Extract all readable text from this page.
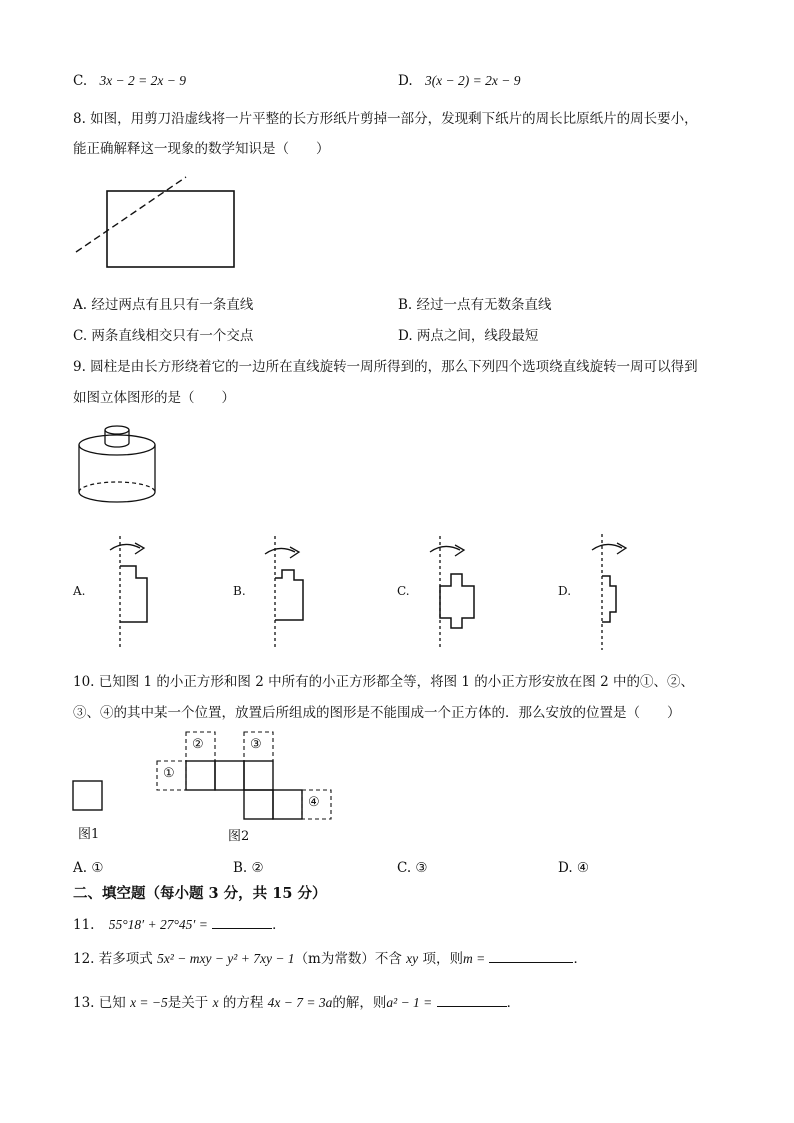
C. 3x − 2 = 2x − 9	D. 3(x − 2) = 2x − 9
8. 如图，用剪刀沿虚线将一片平整的长方形纸片剪掉一部分，发现剩下纸片的周长比原纸片的周长要小，
能正确解释这一现象的数学知识是（　　）
A. 经过两点有且只有一条直线	B. 经过一点有无数条直线
C. 两条直线相交只有一个交点	D. 两点之间，线段最短
9. 圆柱是由长方形绕着它的一边所在直线旋转一周所得到的，那么下列四个选项绕直线旋转一周可以得到
如图立体图形的是（　　）
A.	B.	C.	D.
10. 已知图 1 的小正方形和图 2 中所有的小正方形都全等，将图 1 的小正方形安放在图 2 中的①、②、
③、④的其中某一个位置，放置后所组成的图形是不能围成一个正方体的．那么安放的位置是（　　）
图1
①
②	③
④
图2
A. ①	B. ②	C. ③	D. ④
二、填空题（每小题 3 分，共 15 分）
11. 55°18′ + 27°45′ =	．
12. 若多项式 5x² − mxy − y² + 7xy − 1（m为常数）不含 xy 项，则m =	．
13. 已知 x = −5是关于 x 的方程 4x − 7 = 3a的解，则a² − 1 =	．
